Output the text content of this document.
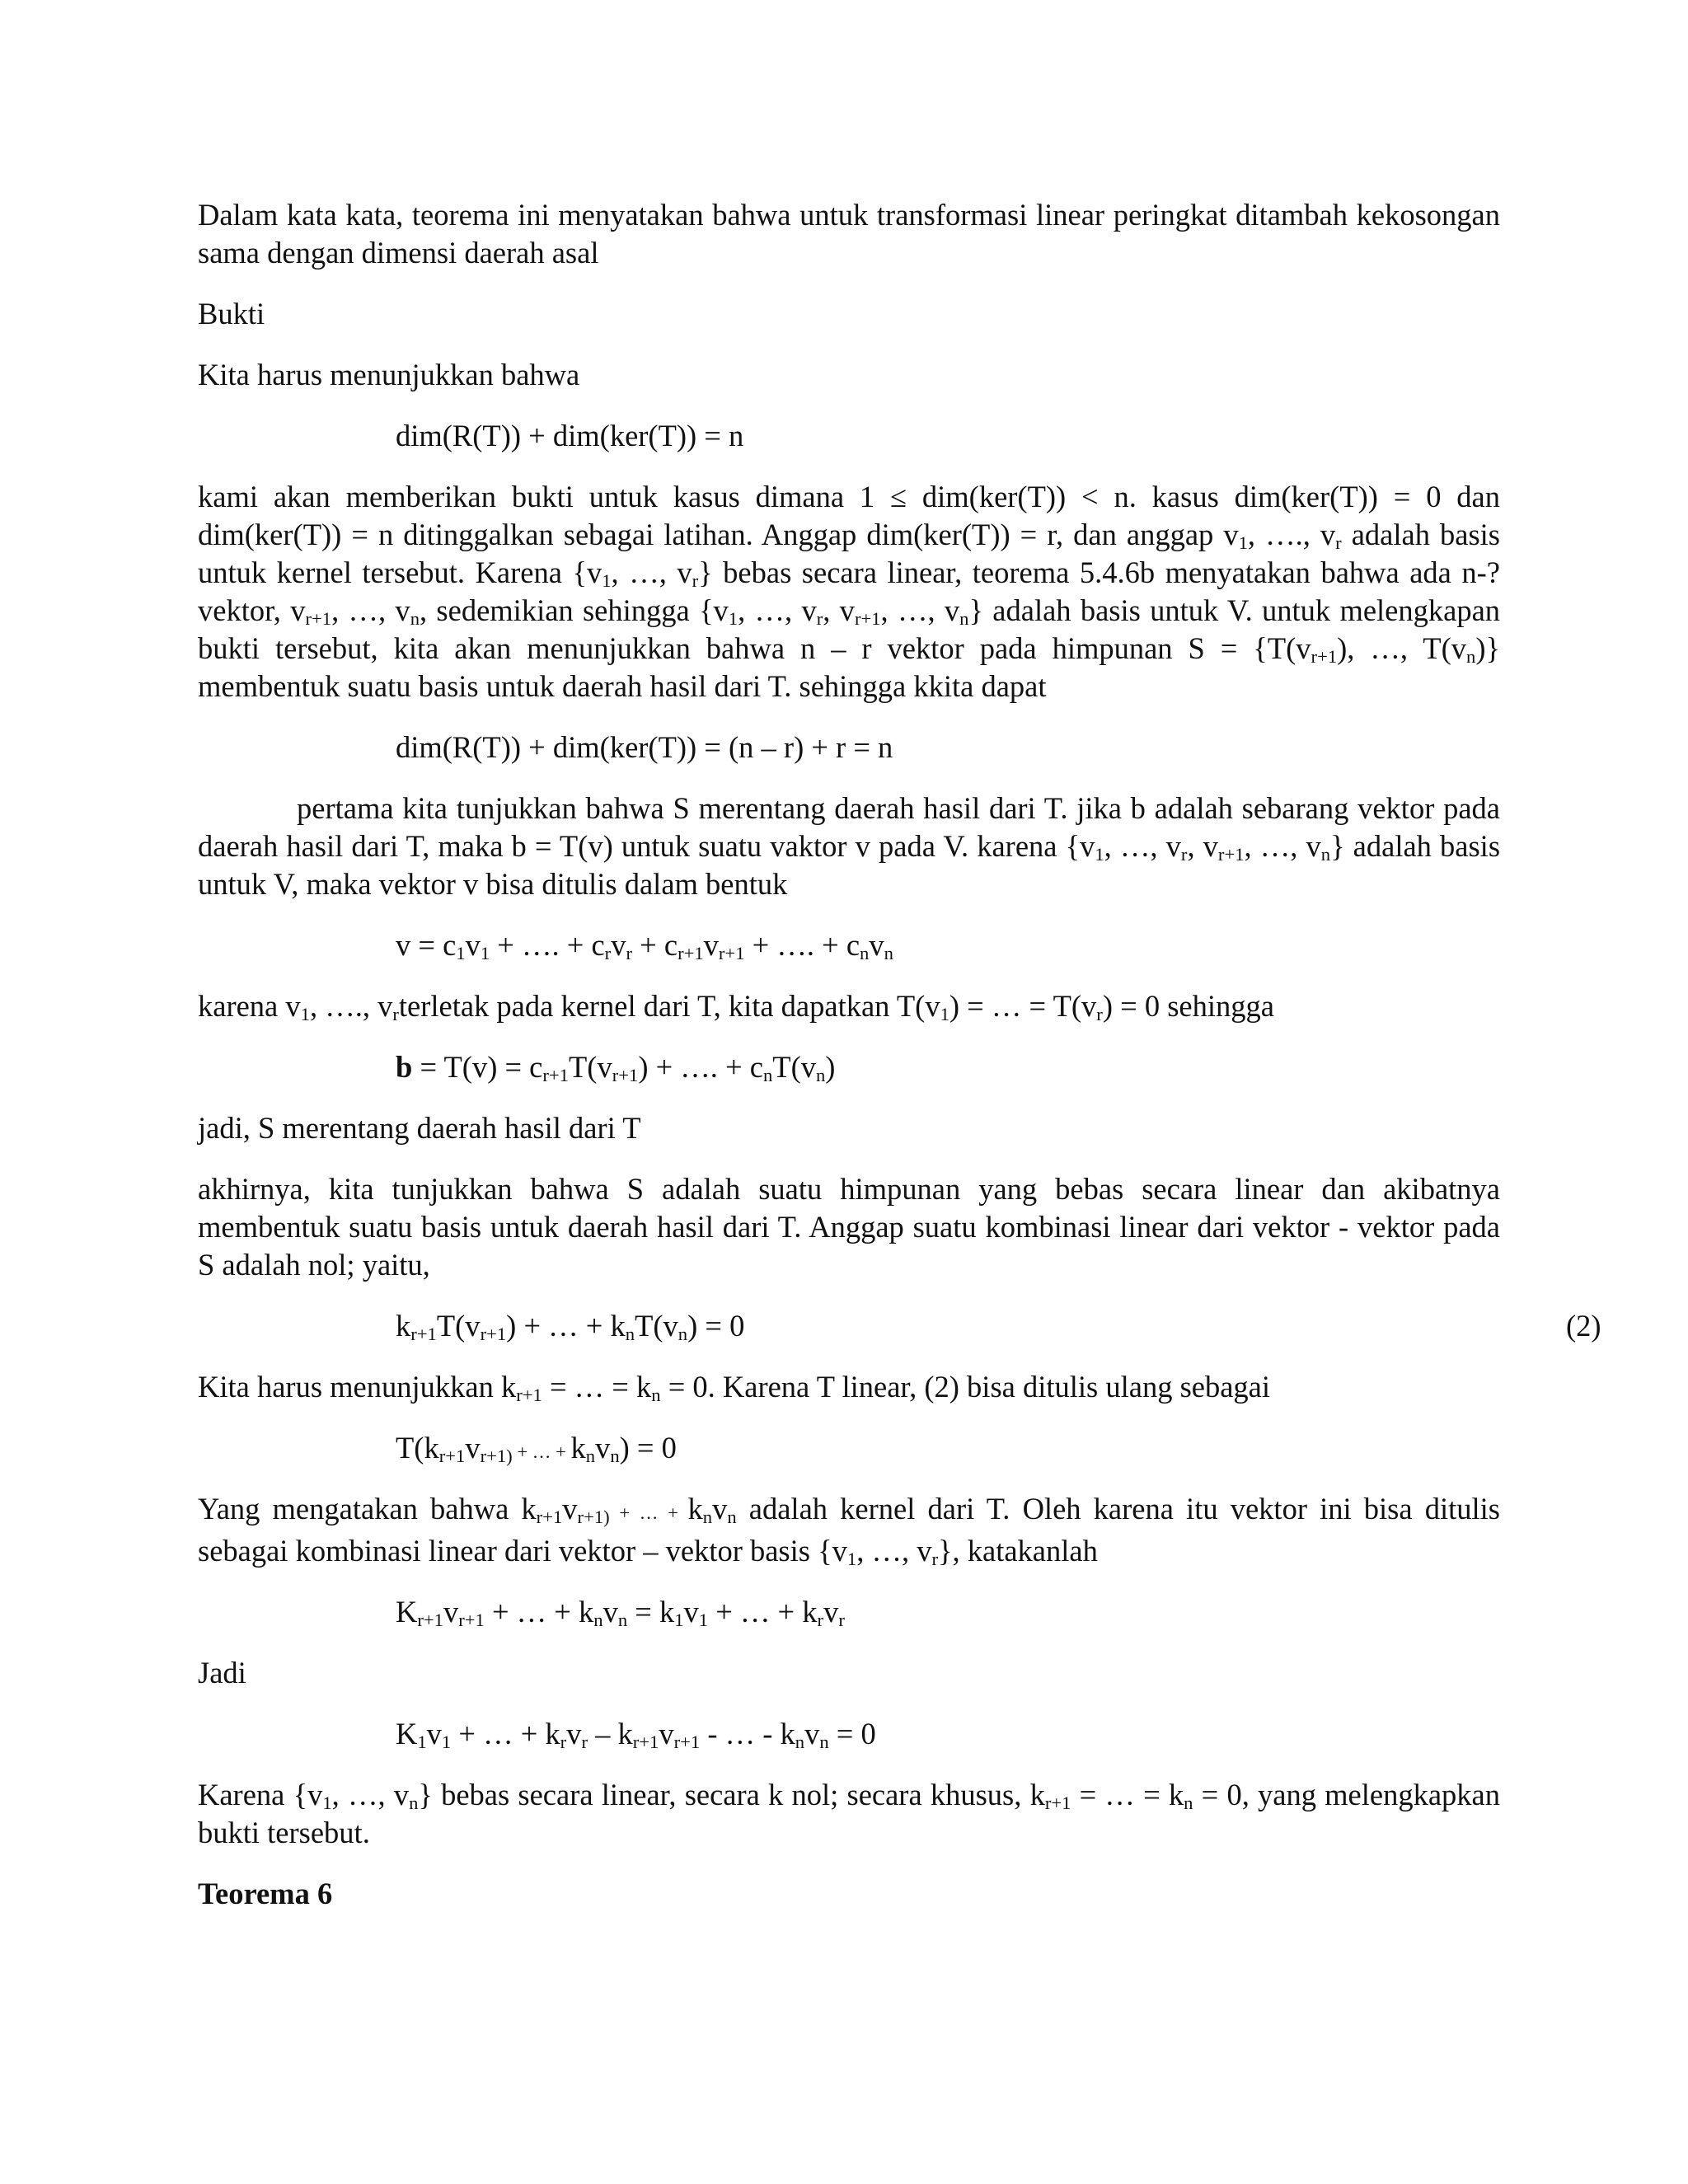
Dalam kata kata, teorema ini menyatakan bahwa untuk transformasi linear peringkat ditambah kekosongan sama dengan dimensi daerah asal

Bukti

Kita harus menunjukkan bahwa

dim(R(T)) + dim(ker(T)) = n

kami akan memberikan bukti untuk kasus dimana 1 ≤ dim(ker(T)) < n. kasus dim(ker(T)) = 0 dan dim(ker(T)) = n ditinggalkan sebagai latihan. Anggap dim(ker(T)) = r, dan anggap $v_1$, …., $v_r$ adalah basis untuk kernel tersebut. Karena {$v_1$, …, $v_r$} bebas secara linear, teorema 5.4.6b menyatakan bahwa ada n-? vektor, $v_{r+1}$, …, $v_n$, sedemikian sehingga {$v_1$, …, $v_r$, $v_{r+1}$, …, $v_n$} adalah basis untuk V. untuk melengkapan bukti tersebut, kita akan menunjukkan bahwa n – r vektor pada himpunan $S = \{T(v_{r+1})$, …, $T(v_n)$} membentuk suatu basis untuk daerah hasil dari T. sehingga kkita dapat

dim(R(T)) + dim(ker(T)) = (n – r) + r = n

pertama kita tunjukkan bahwa S merentang daerah hasil dari T. jika b adalah sebarang vektor pada daerah hasil dari T, maka b = T(v) untuk suatu vaktor v pada V. karena {$v_1$, …, $v_r$, $v_{r+1}$, …, $v_n$} adalah basis untuk V, maka vektor v bisa ditulis dalam bentuk

$v = c_1v_1$ + …. + $c_rv_r + c_{r+1}v_{r+1}$ + …. + $c_nv_n$

karena $v_1$, …., $v_rterletak$ pada kernel dari T, kita dapatkan $T(v_1)$ = … = $T(v_r) = 0$ sehingga

$b = T(v) = c_{r+1}T(v_{r+1})$ + …. + $c_nT(v_n)$

jadi, S merentang daerah hasil dari T

akhirnya, kita tunjukkan bahwa S adalah suatu himpunan yang bebas secara linear dan akibatnya membentuk suatu basis untuk daerah hasil dari T. Anggap suatu kombinasi linear dari vektor - vektor pada S adalah nol; yaitu,

$k_{r+1}T(v_{r+1})$ + … + $k_nT(v_n) = 0$	(2)

Kita harus menunjukkan $k_{r+1}$ = … = $k_n = 0$. Karena T linear, (2) bisa ditulis ulang sebagai

$T(k_{r+1}v_{r+1)}$ + … + $k_nv_n) = 0$

Yang mengatakan bahwa $k_{r+1}v_{r+1)}$ + … + $k_nv_n$ adalah kernel dari T. Oleh karena itu vektor ini bisa ditulis sebagai kombinasi linear dari vektor – vektor basis {$v_1$, …, $v_r$}, katakanlah

$K_{r+1}v_{r+1}$ + … + $k_nv_n = k_1v_1$ + … + $k_rv_r$

Jadi

$K_1v_1$ + … + $k_rv_r - k_{r+1}v_{r+1}$ - … - $k_nv_n = 0$

Karena {$v_1$, …, $v_n$} bebas secara linear, secara k nol; secara khusus, $k_{r+1}$ = … = $k_n = 0$, yang melengkapkan bukti tersebut.

Teorema 6
